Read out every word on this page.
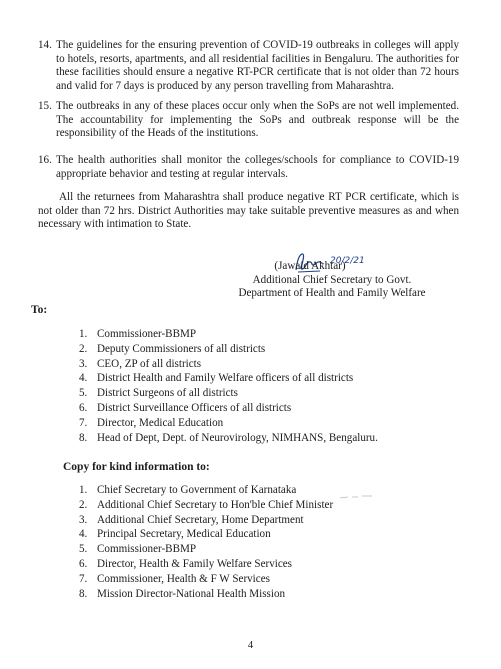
14. The guidelines for the ensuring prevention of COVID-19 outbreaks in colleges will apply to hotels, resorts, apartments, and all residential facilities in Bengaluru. The authorities for these facilities should ensure a negative RT-PCR certificate that is not older than 72 hours and valid for 7 days is produced by any person travelling from Maharashtra.
15. The outbreaks in any of these places occur only when the SoPs are not well implemented. The accountability for implementing the SoPs and outbreak response will be the responsibility of the Heads of the institutions.
16. The health authorities shall monitor the colleges/schools for compliance to COVID-19 appropriate behavior and testing at regular intervals.
All the returnees from Maharashtra shall produce negative RT PCR certificate, which is not older than 72 hrs. District Authorities may take suitable preventive measures as and when necessary with intimation to State.
20/2/21
(Jawaid Akhtar)
Additional Chief Secretary to Govt.
Department of Health and Family Welfare
To:
1. Commissioner-BBMP
2. Deputy Commissioners of all districts
3. CEO, ZP of all districts
4. District Health and Family Welfare officers of all districts
5. District Surgeons of all districts
6. District Surveillance Officers of all districts
7. Director, Medical Education
8. Head of Dept, Dept. of Neurovirology, NIMHANS, Bengaluru.
Copy for kind information to:
1. Chief Secretary to Government of Karnataka
2. Additional Chief Secretary to Hon'ble Chief Minister
3. Additional Chief Secretary, Home Department
4. Principal Secretary, Medical Education
5. Commissioner-BBMP
6. Director, Health & Family Welfare Services
7. Commissioner, Health & F W Services
8. Mission Director-National Health Mission
4
